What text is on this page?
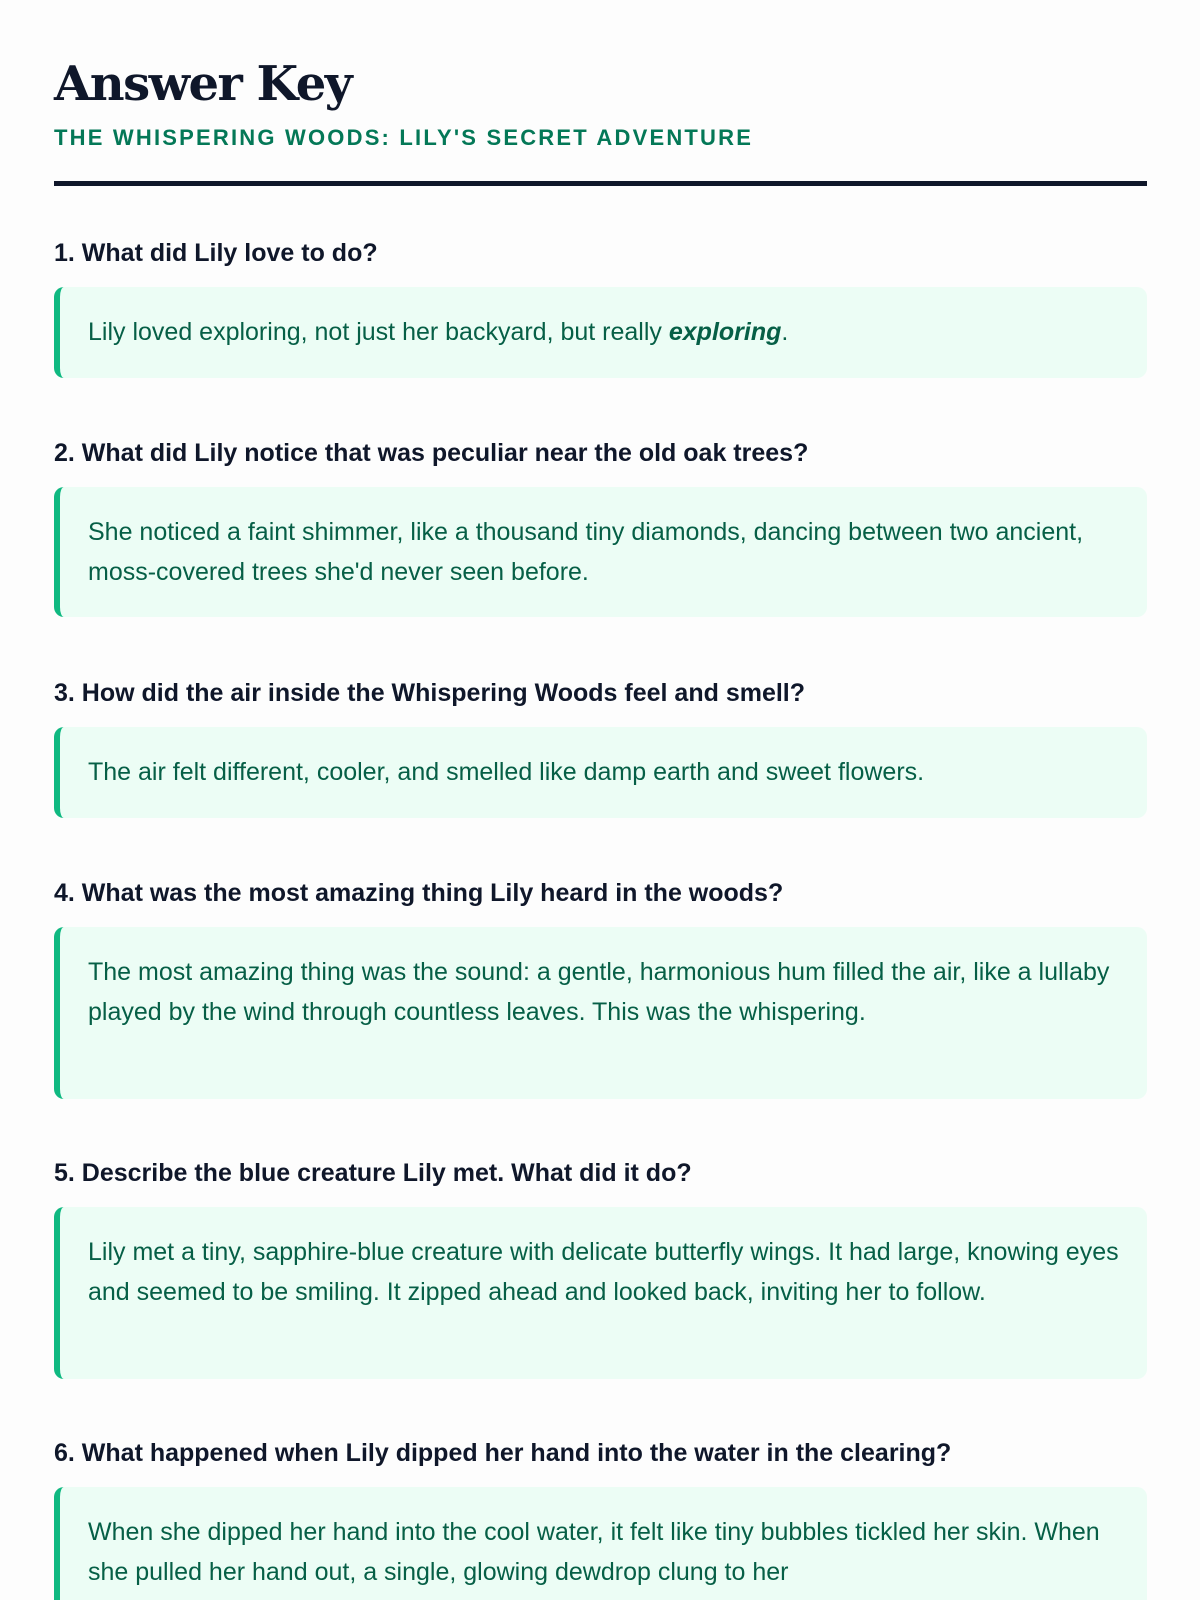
Answer Key
THE WHISPERING WOODS: LILY'S SECRET ADVENTURE
1. What did Lily love to do?

Lily loved exploring, not just her backyard, but really exploring.

2. What did Lily notice that was peculiar near the old oak trees?

She noticed a faint shimmer, like a thousand tiny diamonds, dancing between two ancient, moss-covered trees she'd never seen before.

3. How did the air inside the Whispering Woods feel and smell?

The air felt different, cooler, and smelled like damp earth and sweet flowers.

4. What was the most amazing thing Lily heard in the woods?

The most amazing thing was the sound: a gentle, harmonious hum filled the air, like a lullaby played by the wind through countless leaves. This was the whispering.

5. Describe the blue creature Lily met. What did it do?

Lily met a tiny, sapphire-blue creature with delicate butterfly wings. It had large, knowing eyes and seemed to be smiling. It zipped ahead and looked back, inviting her to follow.

6. What happened when Lily dipped her hand into the water in the clearing?

When she dipped her hand into the cool water, it felt like tiny bubbles tickled her skin. When she pulled her hand out, a single, glowing dewdrop clung to her
